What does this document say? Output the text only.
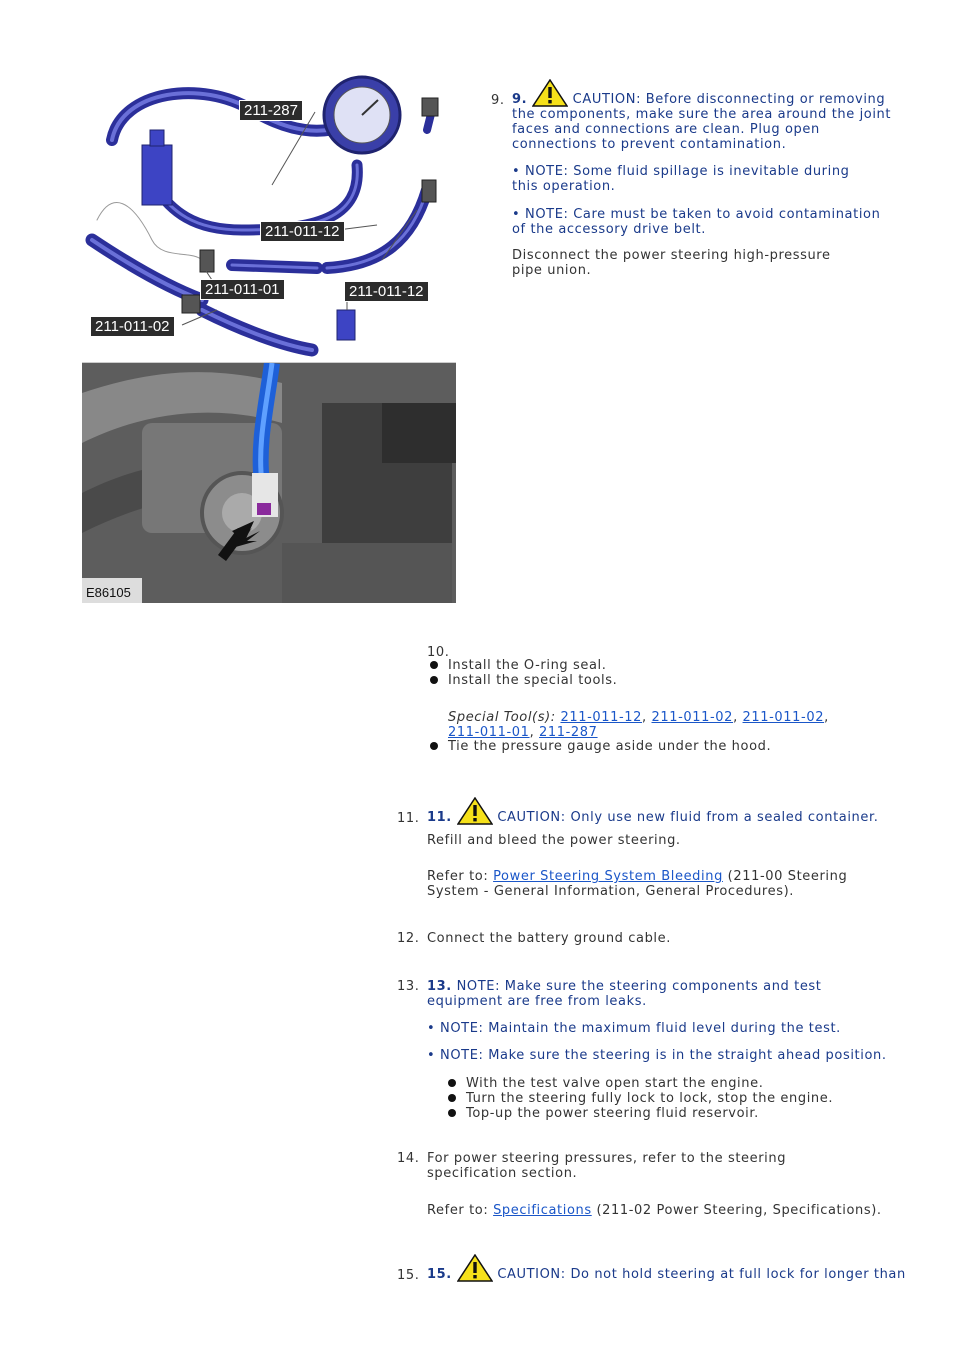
211-287
211-011-12
211-011-01	211-011-12
211-011-02
E86105
9. 9.	CAUTION: Before disconnecting or removing the components, make sure the area around the joint faces and connections are clean. Plug open connections to prevent contamination.
• NOTE: Some fluid spillage is inevitable during this operation.
• NOTE: Care must be taken to avoid contamination of the accessory drive belt.
Disconnect the power steering high-pressure pipe union.
10.
Install the O-ring seal.
Install the special tools.
Special Tool(s): 211-011-12, 211-011-02, 211-011-02,
211-011-01, 211-287
Tie the pressure gauge aside under the hood.
11. 11.	CAUTION: Only use new fluid from a sealed container.
Refill and bleed the power steering.
Refer to: Power Steering System Bleeding (211-00 Steering System - General Information, General Procedures).
12. Connect the battery ground cable.
13. 13. NOTE: Make sure the steering components and test equipment are free from leaks.
• NOTE: Maintain the maximum fluid level during the test.
• NOTE: Make sure the steering is in the straight ahead position.
With the test valve open start the engine.
Turn the steering fully lock to lock, stop the engine.
Top-up the power steering fluid reservoir.
14. For power steering pressures, refer to the steering specification section.
Refer to: Specifications (211-02 Power Steering, Specifications).
15. 15.	CAUTION: Do not hold steering at full lock for longer than
